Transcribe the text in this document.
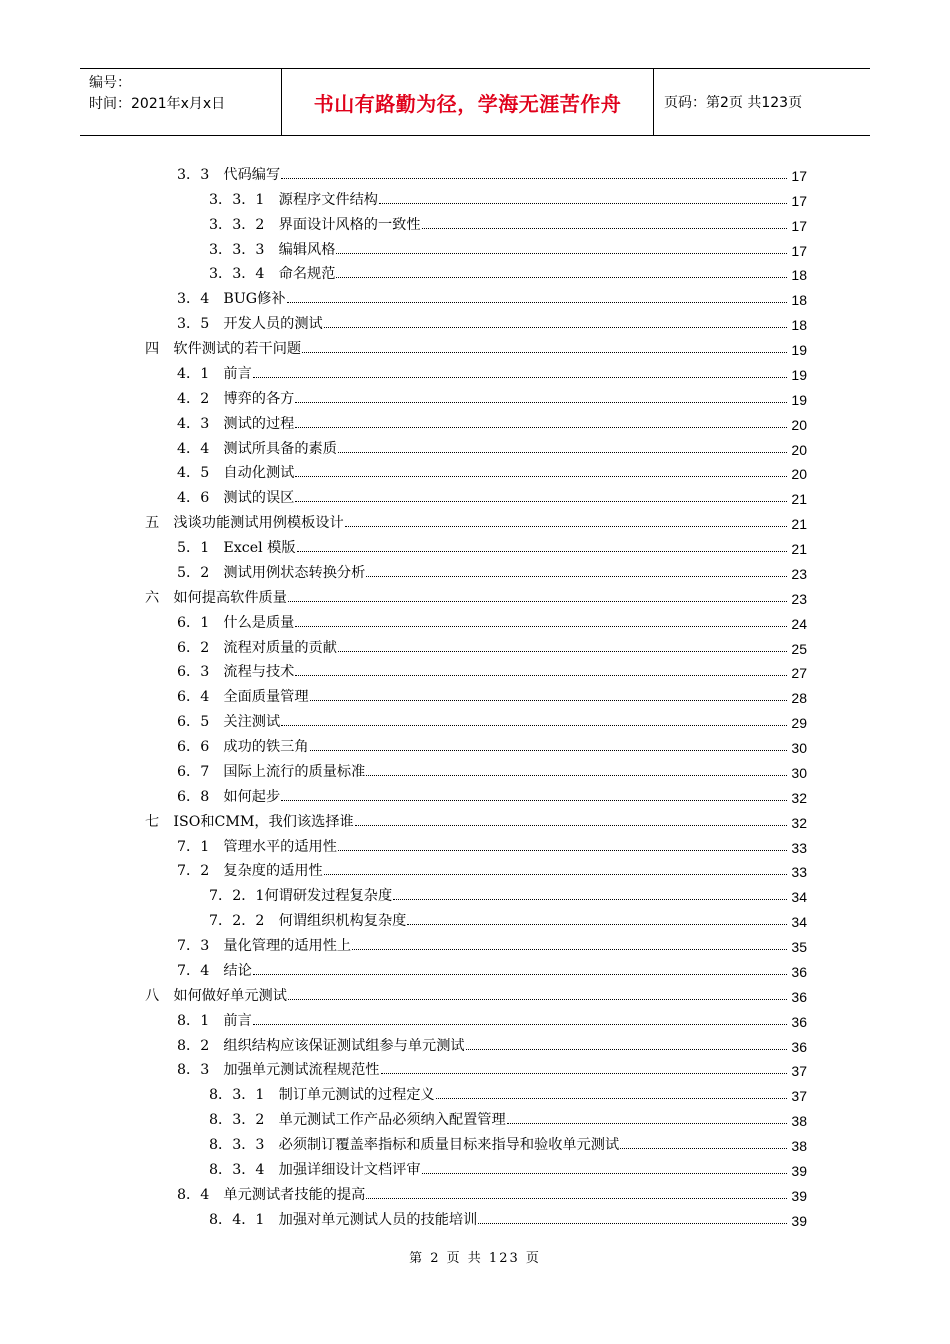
编号：
时间：2021年x月x日	书山有路勤为径，学海无涯苦作舟	页码：第2页 共123页
3．3　代码编写	17
3．3．1　源程序文件结构	17
3．3．2　界面设计风格的一致性	17
3．3．3　编辑风格	17
3．3．4　命名规范	18
3．4　BUG修补	18
3．5　开发人员的测试	18
四　软件测试的若干问题	19
4．1　前言	19
4．2　博弈的各方	19
4．3　测试的过程	20
4．4　测试所具备的素质	20
4．5　自动化测试	20
4．6　测试的误区	21
五　浅谈功能测试用例模板设计	21
5．1　Excel 模版	21
5．2　测试用例状态转换分析	23
六　如何提高软件质量	23
6．1　什么是质量	24
6．2　流程对质量的贡献	25
6．3　流程与技术	27
6．4　全面质量管理	28
6．5　关注测试	29
6．6　成功的铁三角	30
6．7　国际上流行的质量标准	30
6．8　如何起步	32
七　ISO和CMM，我们该选择谁	32
7．1　管理水平的适用性	33
7．2　复杂度的适用性	33
7．2．1何谓研发过程复杂度	34
7．2．2　何谓组织机构复杂度	34
7．3　量化管理的适用性上	35
7．4　结论	36
八　如何做好单元测试	36
8．1　前言	36
8．2　组织结构应该保证测试组参与单元测试	36
8．3　加强单元测试流程规范性	37
8．3．1　制订单元测试的过程定义	37
8．3．2　单元测试工作产品必须纳入配置管理	38
8．3．3　必须制订覆盖率指标和质量目标来指导和验收单元测试	38
8．3．4　加强详细设计文档评审	39
8．4　单元测试者技能的提高	39
8．4．1　加强对单元测试人员的技能培训	39
第 2 页 共 123 页
